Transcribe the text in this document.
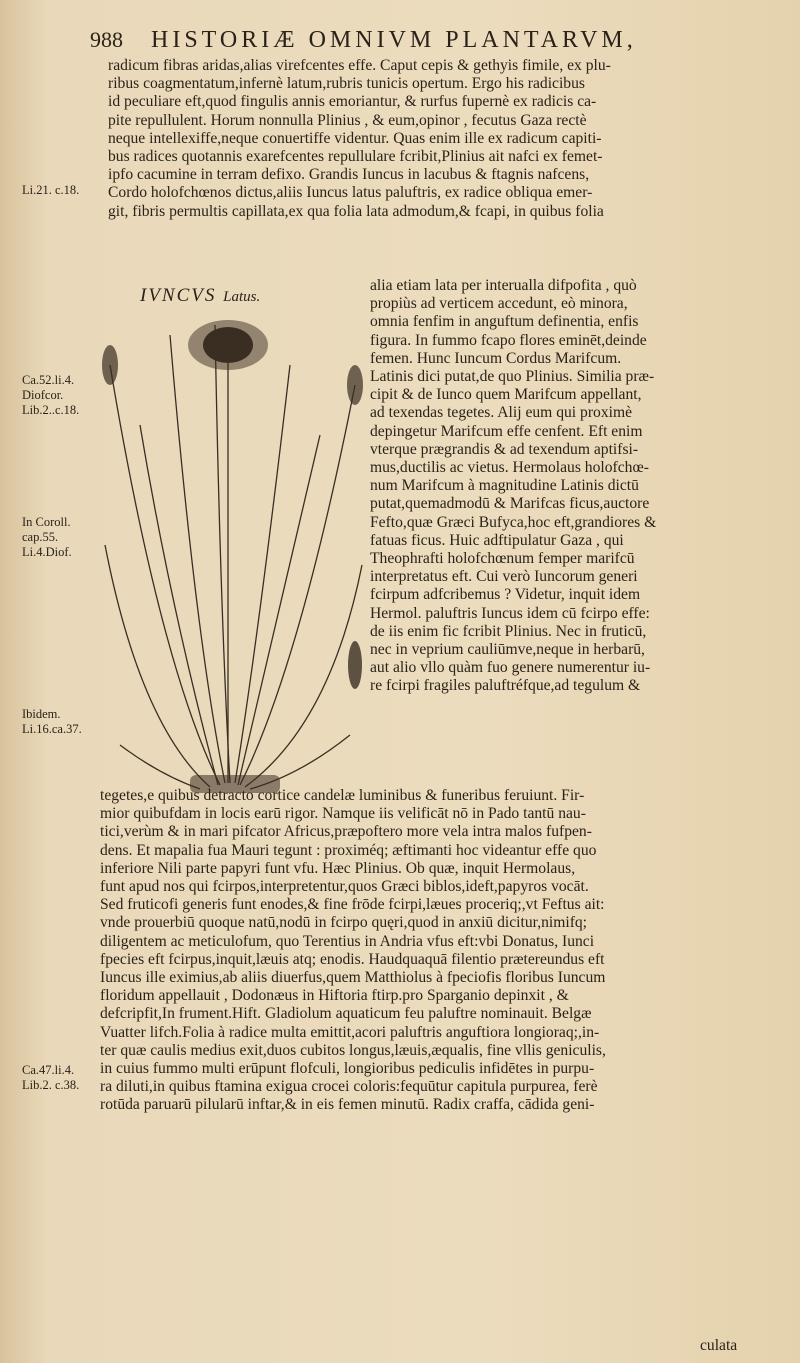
988 HISTORIÆ OMNIVM PLANTARVM,

radicum fibras aridas,alias virefcentes effe. Caput cepis & gethyis fimile, ex plu-
ribus coagmentatum,infernè latum,rubris tunicis opertum. Ergo his radicibus
id peculiare eft,quod fingulis annis emoriantur, & rurfus fupernè ex radicis ca-
pite repullulent. Horum nonnulla Plinius , & eum,opinor , fecutus Gaza rectè
neque intellexiffe,neque conuertiffe videntur. Quas enim ille ex radicum capiti-
bus radices quotannis exarefcentes repullulare fcribit,Plinius ait nafci ex femet-
ipfo cacumine in terram defixo. Grandis Iuncus in lacubus & ftagnis nafcens,
Cordo holofchœnos dictus,aliis Iuncus latus paluftris, ex radice obliqua emer-
git, fibris permultis capillata,ex qua folia lata admodum,& fcapi, in quibus folia

IVNCVS Latus.

alia etiam lata per interualla difpofita , quò
propiùs ad verticem accedunt, eò minora,
omnia fenfim in anguftum definentia, enfis
figura. In fummo fcapo flores eminēt,deinde
femen. Hunc Iuncum Cordus Marifcum.
Latinis dici putat,de quo Plinius. Similia præ-
cipit & de Iunco quem Marifcum appellant,
ad texendas tegetes. Alij eum qui proximè
depingetur Marifcum effe cenfent. Eft enim
vterque prægrandis & ad texendum aptifsi-
mus,ductilis ac vietus. Hermolaus holofchœ-
num Marifcum à magnitudine Latinis dictū
putat,quemadmodū & Marifcas ficus,auctore
Fefto,quæ Græci Bufyca,hoc eft,grandiores &
fatuas ficus. Huic adftipulatur Gaza , qui
Theophrafti holofchœnum femper marifcū
interpretatus eft. Cui verò Iuncorum generi
fcirpum adfcribemus ? Videtur, inquit idem
Hermol. paluftris Iuncus idem cū fcirpo effe:
de iis enim fic fcribit Plinius. Nec in fruticū,
nec in veprium cauliūmve,neque in herbarū,
aut alio vllo quàm fuo genere numerentur iu-
re fcirpi fragiles paluftréfque,ad tegulum &

tegetes,e quibus detracto cortice candelæ luminibus & funeribus feruiunt. Fir-
mior quibufdam in locis earū rigor. Namque iis velificāt nō in Pado tantū nau-
tici,verùm & in mari pifcator Africus,præpoftero more vela intra malos fufpen-
dens. Et mapalia fua Mauri tegunt : proximéq; æftimanti hoc videantur effe quo
inferiore Nili parte papyri funt vfu. Hæc Plinius. Ob quæ, inquit Hermolaus,
funt apud nos qui fcirpos,interpretentur,quos Græci biblos,ideft,papyros vocāt.
Sed fruticofi generis funt enodes,& fine frōde fcirpi,læues proceriq;,vt Feftus ait:
vnde prouerbiū quoque natū,nodū in fcirpo quęri,quod in anxiū dicitur,nimifq;
diligentem ac meticulofum, quo Terentius in Andria vfus eft:vbi Donatus, Iunci
fpecies eft fcirpus,inquit,læuis atq; enodis. Haudquaquā filentio prætereundus eft
Iuncus ille eximius,ab aliis diuerfus,quem Matthiolus à fpeciofis floribus Iuncum
floridum appellauit , Dodonæus in Hiftoria ftirp.pro Sparganio depinxit , &
defcripfit,In frument.Hift. Gladiolum aquaticum feu paluftre nominauit. Belgæ
Vuatter lifch.Folia à radice multa emittit,acori paluftris anguftiora longioraq;,in-
ter quæ caulis medius exit,duos cubitos longus,læuis,æqualis, fine vllis geniculis,
in cuius fummo multi erūpunt flofculi, longioribus pediculis infidētes in purpu-
ra diluti,in quibus ftamina exigua crocei coloris:fequūtur capitula purpurea, ferè
rotūda paruarū pilularū inftar,& in eis femen minutū. Radix craffa, cādida geni-

culata
Li.21. c.18.
Ca.52.li.4.
Diofcor.
Lib.2..c.18.
In Coroll.
cap.55.
Li.4.Diof.
Ibidem.
Li.16.ca.37.
Ca.47.li.4.
Lib.2. c.38.
